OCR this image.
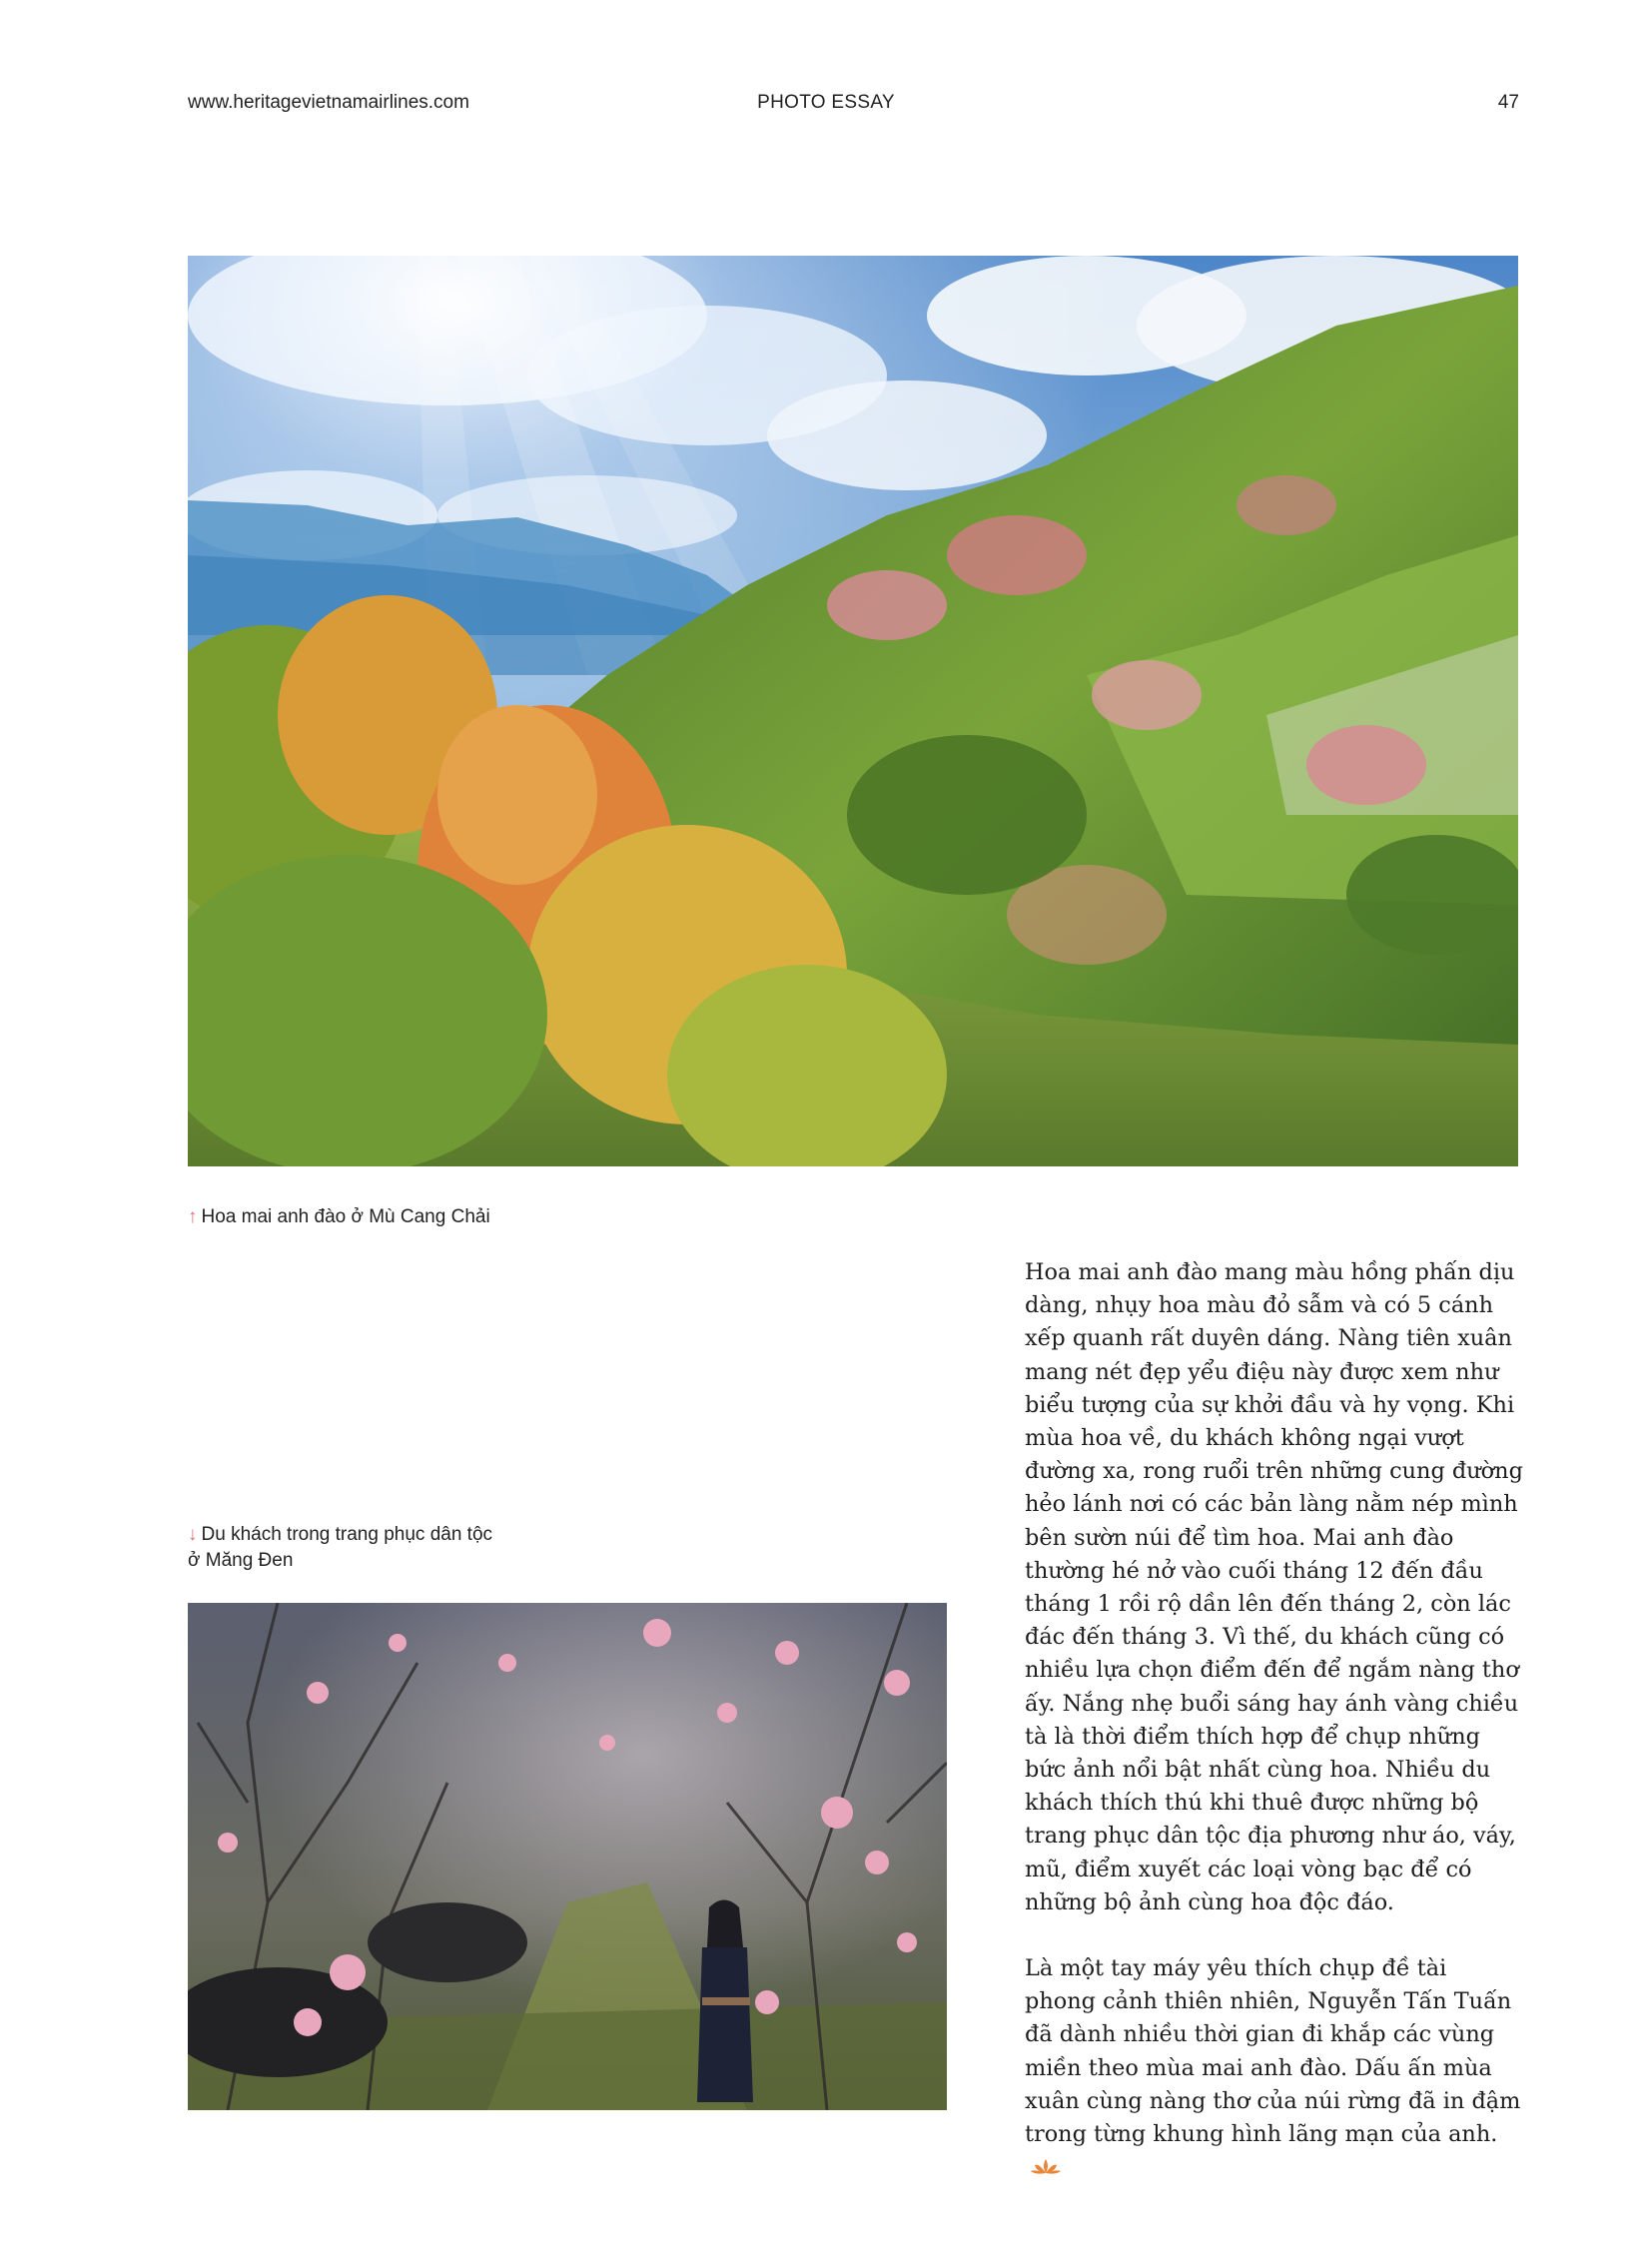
www.heritagevietnamairlines.com	PHOTO ESSAY	47
↑ Hoa mai anh đào ở Mù Cang Chải
↓ Du khách trong trang phục dân tộc
ở Măng Đen

Hoa mai anh đào mang màu hồng phấn dịu dàng, nhụy hoa màu đỏ sẫm và có 5 cánh xếp quanh rất duyên dáng. Nàng tiên xuân mang nét đẹp yểu điệu này được xem như biểu tượng của sự khởi đầu và hy vọng. Khi mùa hoa về, du khách không ngại vượt đường xa, rong ruổi trên những cung đường hẻo lánh nơi có các bản làng nằm nép mình bên sườn núi để tìm hoa. Mai anh đào thường hé nở vào cuối tháng 12 đến đầu tháng 1 rồi rộ dần lên đến tháng 2, còn lác đác đến tháng 3. Vì thế, du khách cũng có nhiều lựa chọn điểm đến để ngắm nàng thơ ấy. Nắng nhẹ buổi sáng hay ánh vàng chiều tà là thời điểm thích hợp để chụp những bức ảnh nổi bật nhất cùng hoa. Nhiều du khách thích thú khi thuê được những bộ trang phục dân tộc địa phương như áo, váy, mũ, điểm xuyết các loại vòng bạc để có những bộ ảnh cùng hoa độc đáo.

Là một tay máy yêu thích chụp đề tài phong cảnh thiên nhiên, Nguyễn Tấn Tuấn đã dành nhiều thời gian đi khắp các vùng miền theo mùa mai anh đào. Dấu ấn mùa xuân cùng nàng thơ của núi rừng đã in đậm trong từng khung hình lãng mạn của anh.
